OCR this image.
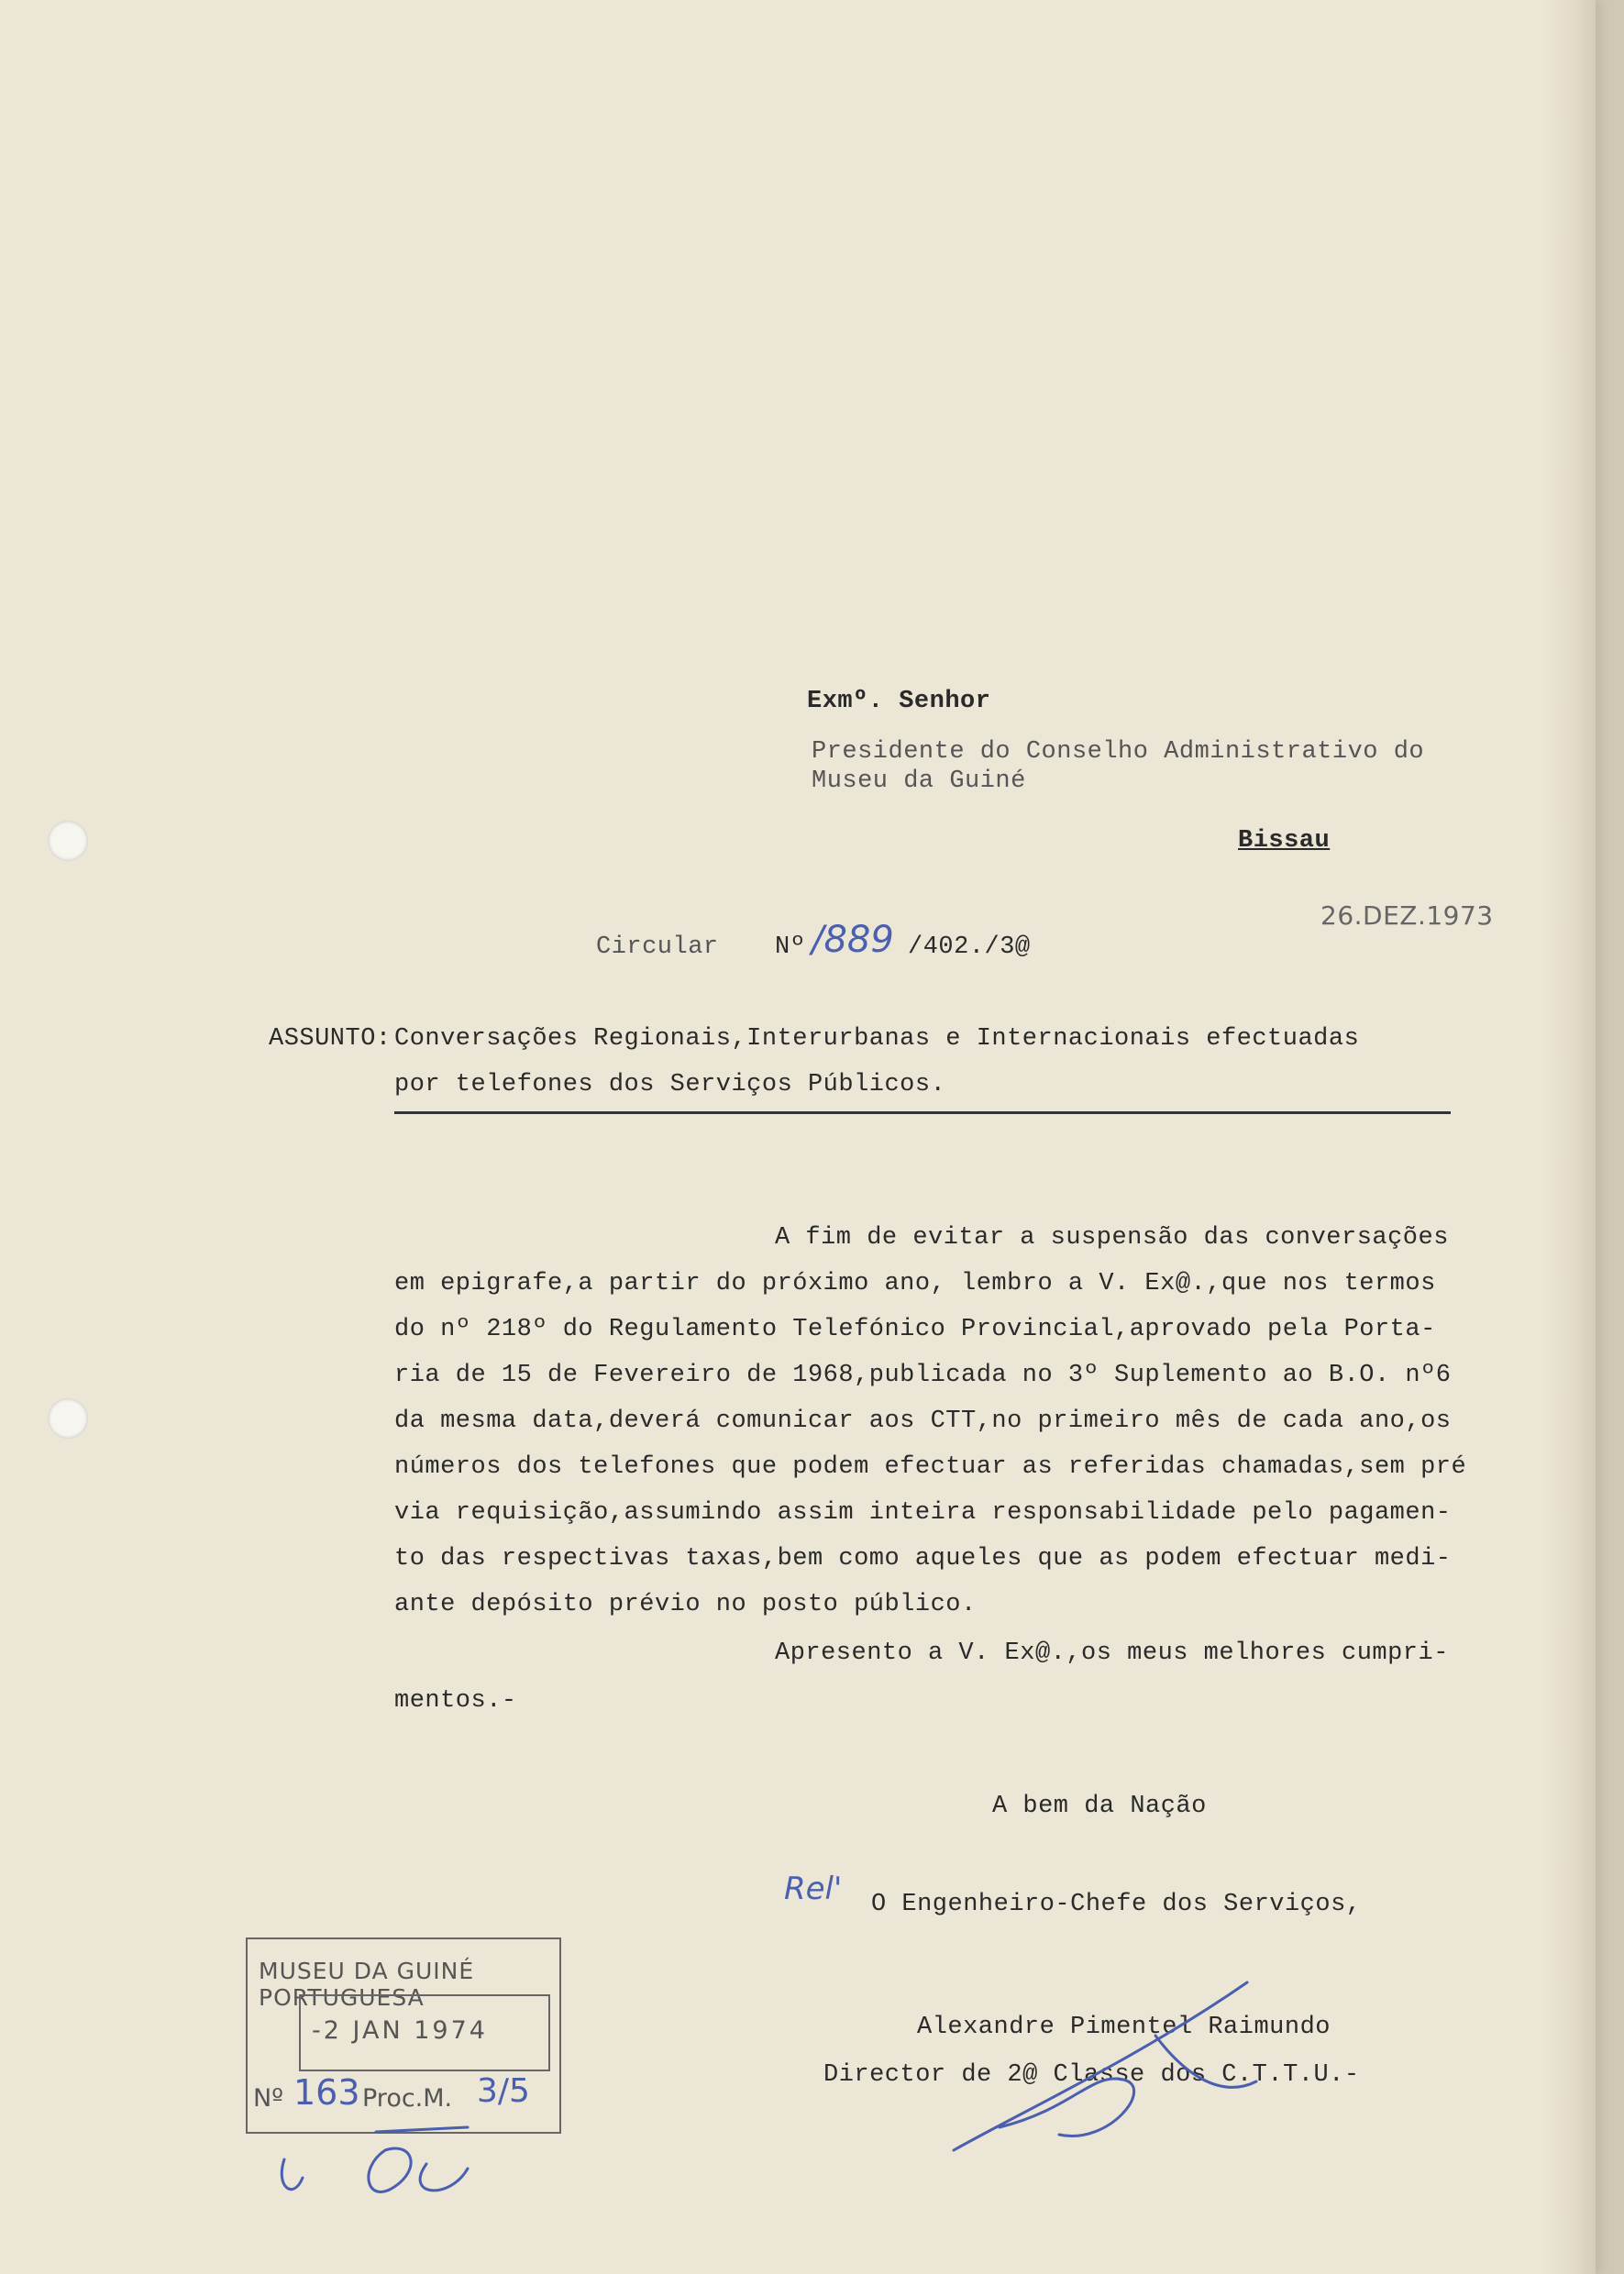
Exmº. Senhor
Presidente do Conselho Administrativo do
Museu da Guiné
Bissau
26.DEZ.1973
Circular Nº /889 /402./3@
ASSUNTO: Conversações Regionais,Interurbanas e Internacionais efectuadas
por telefones dos Serviços Públicos.
A fim de evitar a suspensão das conversações
em epigrafe,a partir do próximo ano, lembro a V. Ex@.,que nos termos
do nº 218º do Regulamento Telefónico Provincial,aprovado pela Porta-
ria de 15 de Fevereiro de 1968,publicada no 3º Suplemento ao B.O. nº6
da mesma data,deverá comunicar aos CTT,no primeiro mês de cada ano,os
números dos telefones que podem efectuar as referidas chamadas,sem pré
via requisição,assumindo assim inteira responsabilidade pelo pagamen-
to das respectivas taxas,bem como aqueles que as podem efectuar medi-
ante depósito prévio no posto público.
Apresento a V. Ex@.,os meus melhores cumpri-
mentos.-
A bem da Nação
Rel' O Engenheiro-Chefe dos Serviços,
Alexandre Pimentel Raimundo
Director de 2@ Classe dos C.T.T.U.-
MUSEU DA GUINÉ PORTUGUESA
-2 JAN 1974
Nº 163 Proc.M. 3/5
